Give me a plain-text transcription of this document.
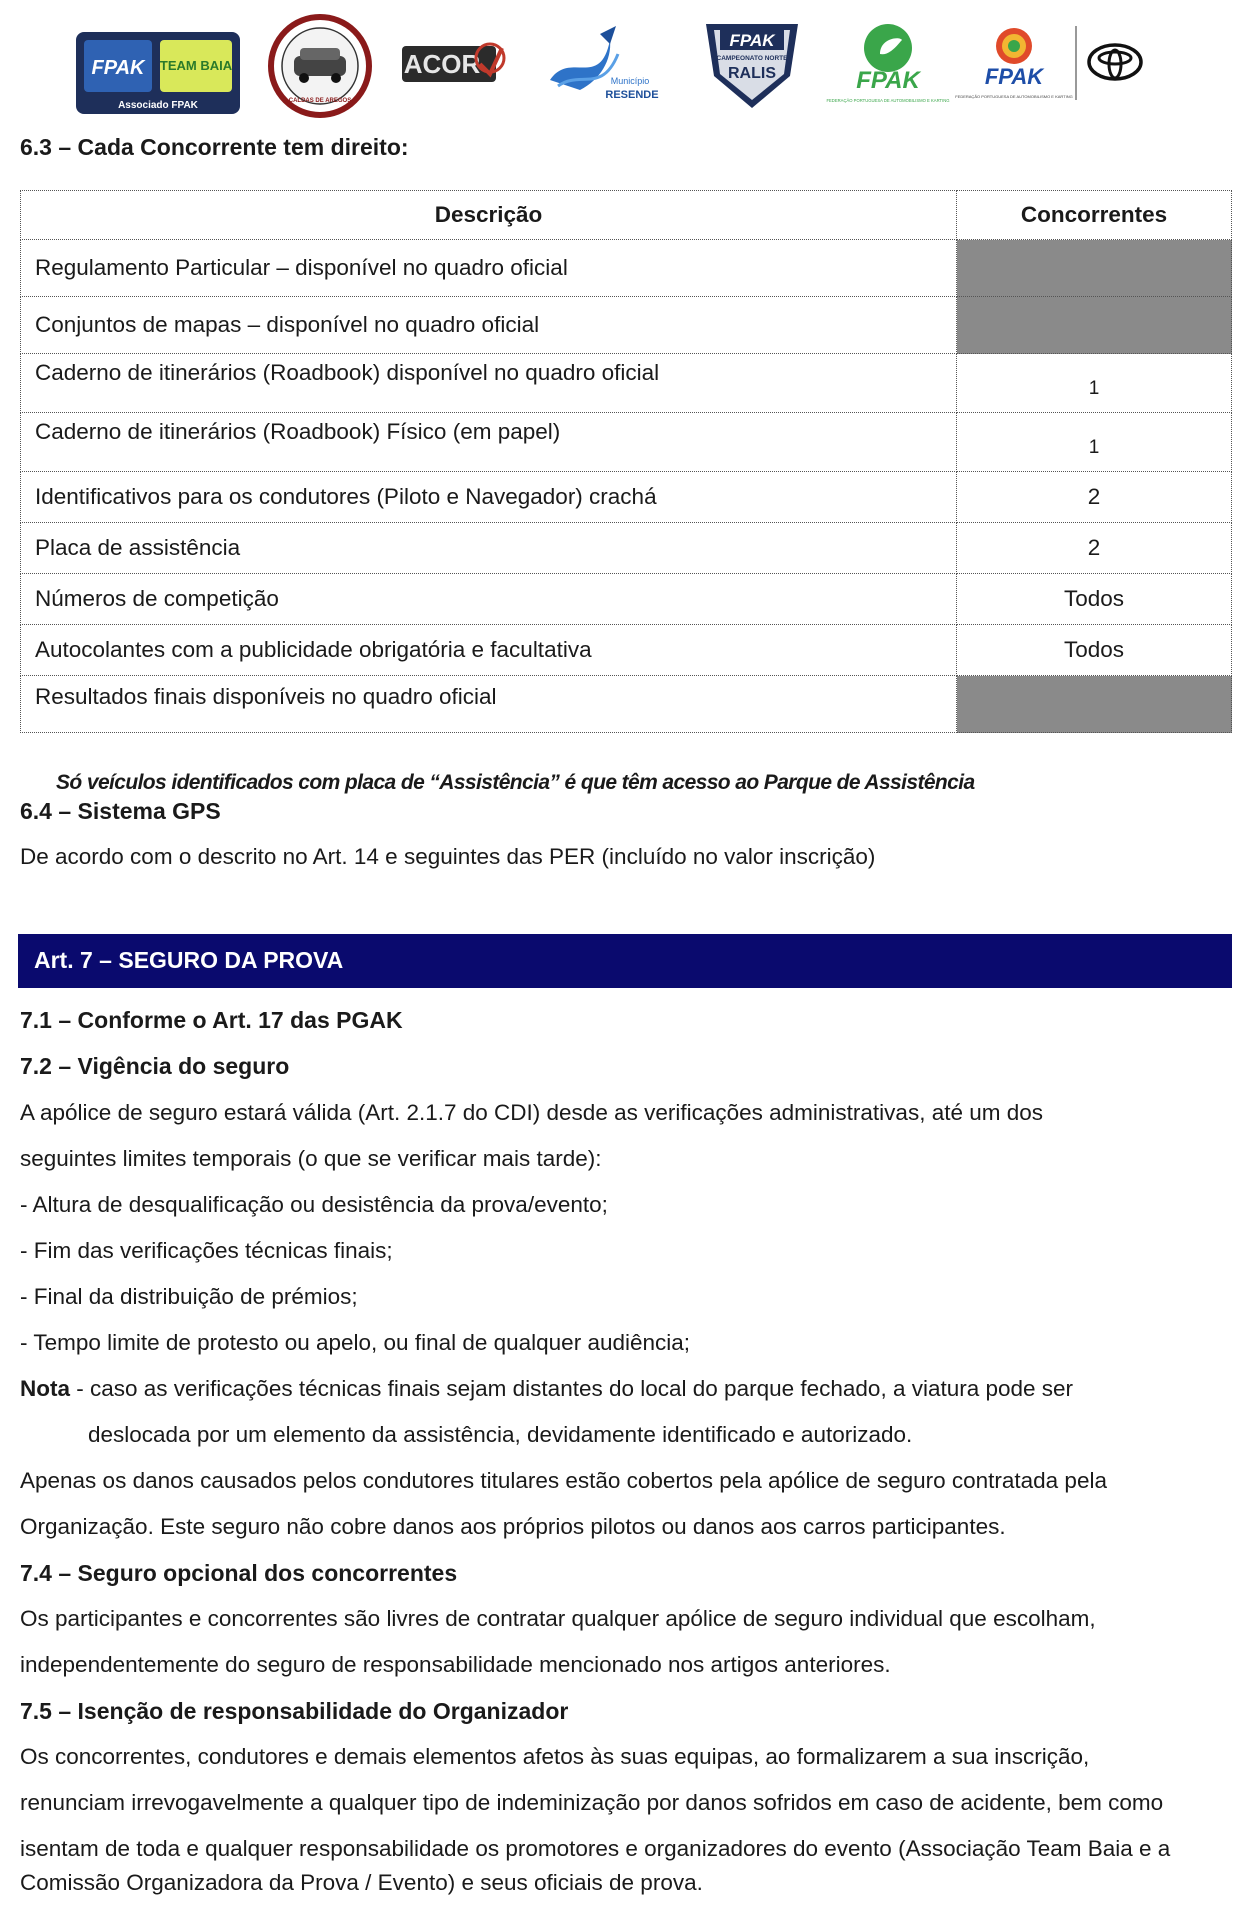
FPAK TEAM BAIA
Associado FPAK	CALDAS DE AREGOS
ACOR
Município
RESENDE
FPAK
CAMPEONATO NORTE
RALIS	FPAK
FEDERAÇÃO PORTUGUESA DE AUTOMOBILISMO E KARTING
FPAK
FEDERAÇÃO PORTUGUESA DE AUTOMOBILISMO E KARTING

6.3 – Cada Concorrente tem direito:

Descrição	Concorrentes
Regulamento Particular – disponível no quadro oficial	
Conjuntos de mapas – disponível no quadro oficial	
Caderno de itinerários (Roadbook) disponível no quadro oficial	1
Caderno de itinerários (Roadbook) Físico (em papel)	1
Identificativos para os condutores (Piloto e Navegador) crachá	2
Placa de assistência	2
Números de competição	Todos
Autocolantes com a publicidade obrigatória e facultativa	Todos
Resultados finais disponíveis no quadro oficial	

Só veículos identificados com placa de “Assistência” é que têm acesso ao Parque de Assistência

6.4 – Sistema GPS

De acordo com o descrito no Art. 14 e seguintes das PER (incluído no valor inscrição)

Art. 7 – SEGURO DA PROVA

7.1 – Conforme o Art. 17 das PGAK

7.2 – Vigência do seguro

A apólice de seguro estará válida (Art. 2.1.7 do CDI) desde as verificações administrativas, até um dos

seguintes limites temporais (o que se verificar mais tarde):

- Altura de desqualificação ou desistência da prova/evento;

- Fim das verificações técnicas finais;

- Final da distribuição de prémios;

- Tempo limite de protesto ou apelo, ou final de qualquer audiência;

Nota - caso as verificações técnicas finais sejam distantes do local do parque fechado, a viatura pode ser

deslocada por um elemento da assistência, devidamente identificado e autorizado.

Apenas os danos causados pelos condutores titulares estão cobertos pela apólice de seguro contratada pela

Organização. Este seguro não cobre danos aos próprios pilotos ou danos aos carros participantes.

7.4 – Seguro opcional dos concorrentes

Os participantes e concorrentes são livres de contratar qualquer apólice de seguro individual que escolham,

independentemente do seguro de responsabilidade mencionado nos artigos anteriores.

7.5 – Isenção de responsabilidade do Organizador

Os concorrentes, condutores e demais elementos afetos às suas equipas, ao formalizarem a sua inscrição,

renunciam irrevogavelmente a qualquer tipo de indeminização por danos sofridos em caso de acidente, bem como

isentam de toda e qualquer responsabilidade os promotores e organizadores do evento (Associação Team Baia e a

Comissão Organizadora da Prova / Evento) e seus oficiais de prova.
